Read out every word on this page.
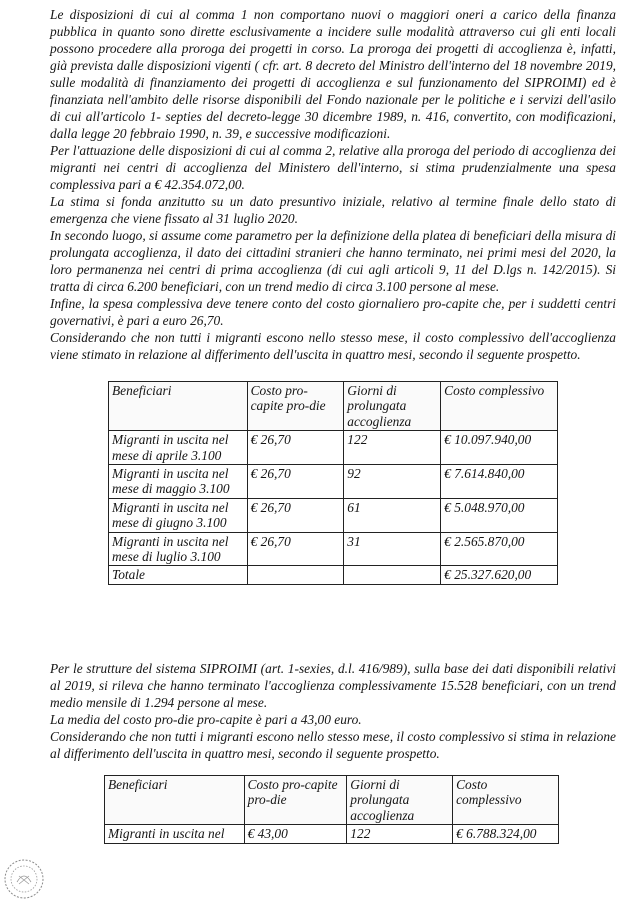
Le disposizioni di cui al comma 1 non comportano nuovi o maggiori oneri a carico della finanza pubblica in quanto sono dirette esclusivamente a incidere sulle modalità attraverso cui gli enti locali possono procedere alla proroga dei progetti in corso. La proroga dei progetti di accoglienza è, infatti, già prevista dalle disposizioni vigenti ( cfr. art. 8 decreto del Ministro dell'interno del 18 novembre 2019, sulle modalità di finanziamento dei progetti di accoglienza e sul funzionamento del SIPROIMI) ed è finanziata nell'ambito delle risorse disponibili del Fondo nazionale per le politiche e i servizi dell'asilo di cui all'articolo 1- septies del decreto-legge 30 dicembre 1989, n. 416, convertito, con modificazioni, dalla legge 20 febbraio 1990, n. 39, e successive modificazioni.

Per l'attuazione delle disposizioni di cui al comma 2, relative alla proroga del periodo di accoglienza dei migranti nei centri di accoglienza del Ministero dell'interno, si stima prudenzialmente una spesa complessiva pari a € 42.354.072,00.

La stima si fonda anzitutto su un dato presuntivo iniziale, relativo al termine finale dello stato di emergenza che viene fissato al 31 luglio 2020.

In secondo luogo, si assume come parametro per la definizione della platea di beneficiari della misura di prolungata accoglienza, il dato dei cittadini stranieri che hanno terminato, nei primi mesi del 2020, la loro permanenza nei centri di prima accoglienza (di cui agli articoli 9, 11 del D.lgs n. 142/2015). Si tratta di circa 6.200 beneficiari, con un trend medio di circa 3.100 persone al mese.

Infine, la spesa complessiva deve tenere conto del costo giornaliero pro-capite che, per i suddetti centri governativi, è pari a euro 26,70.

Considerando che non tutti i migranti escono nello stesso mese, il costo complessivo dell'accoglienza viene stimato in relazione al differimento dell'uscita in quattro mesi, secondo il seguente prospetto.

Beneficiari	Costo pro-capite pro-die	Giorni di prolungata accoglienza	Costo complessivo
Migranti in uscita nel mese di aprile 3.100	€ 26,70	122	€ 10.097.940,00
Migranti in uscita nel mese di maggio 3.100	€ 26,70	92	€ 7.614.840,00
Migranti in uscita nel mese di giugno 3.100	€ 26,70	61	€ 5.048.970,00
Migranti in uscita nel mese di luglio 3.100	€ 26,70	31	€ 2.565.870,00
Totale			€ 25.327.620,00

Per le strutture del sistema SIPROIMI (art. 1-sexies, d.l. 416/989), sulla base dei dati disponibili relativi al 2019, si rileva che hanno terminato l'accoglienza complessivamente 15.528 beneficiari, con un trend medio mensile di 1.294 persone al mese.

La media del costo pro-die pro-capite è pari a 43,00 euro.

Considerando che non tutti i migranti escono nello stesso mese, il costo complessivo si stima in relazione al differimento dell'uscita in quattro mesi, secondo il seguente prospetto.

Beneficiari	Costo pro-capite pro-die	Giorni di prolungata accoglienza	Costo complessivo
Migranti in uscita nel	€ 43,00	122	€ 6.788.324,00
